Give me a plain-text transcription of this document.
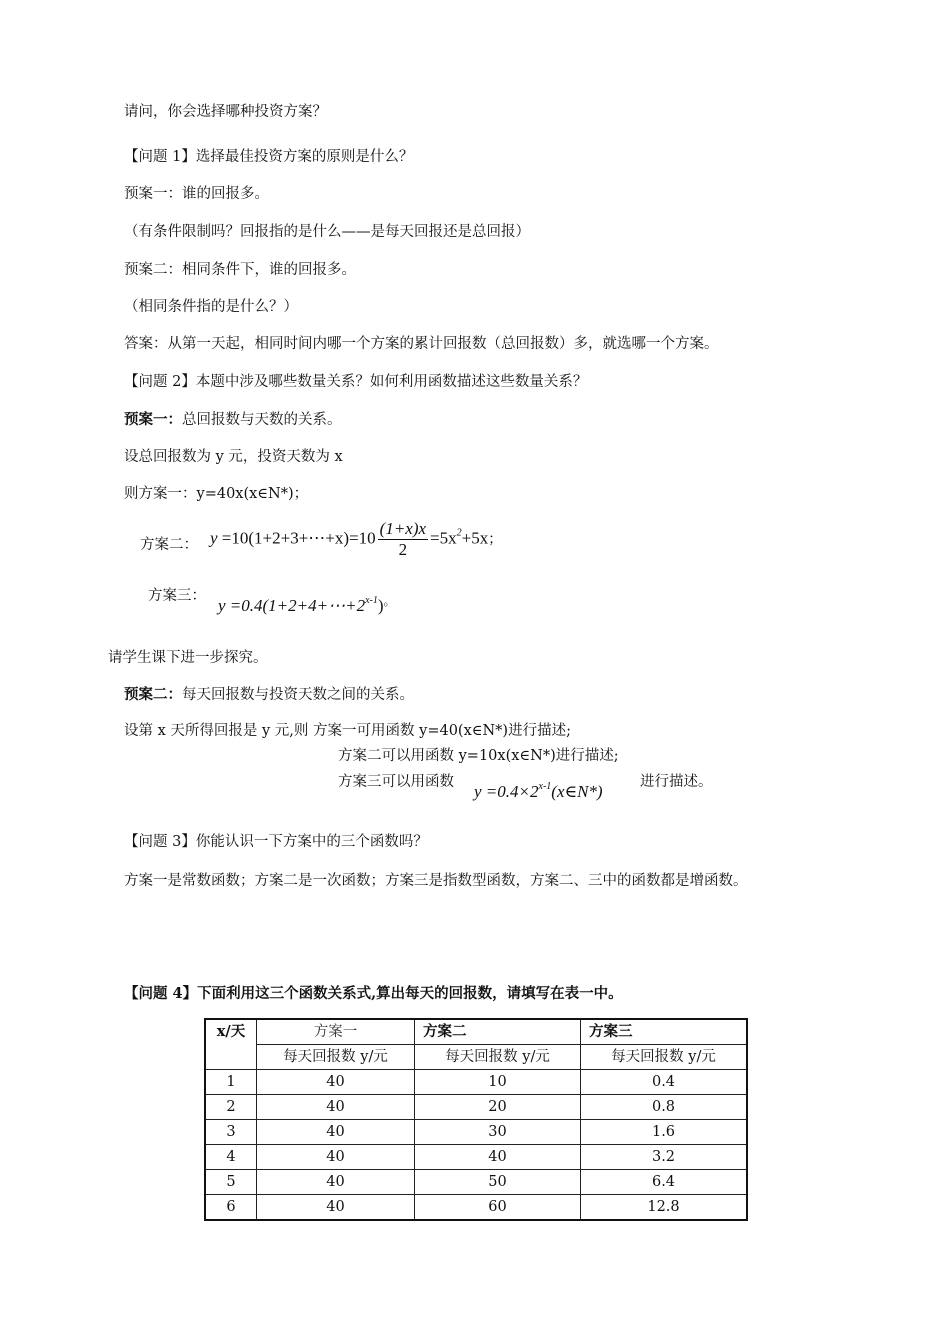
请问，你会选择哪种投资方案？
【问题 1】选择最佳投资方案的原则是什么？
预案一：谁的回报多。
（有条件限制吗？回报指的是什么——是每天回报还是总回报）
预案二：相同条件下，谁的回报多。
（相同条件指的是什么？）
答案：从第一天起，相同时间内哪一个方案的累计回报数（总回报数）多，就选哪一个方案。
【问题 2】本题中涉及哪些数量关系？如何利用函数描述这些数量关系？
预案一：总回报数与天数的关系。
设总回报数为 y 元，投资天数为 x
则方案一：y=40x(x∈N*)；
方案二： y =10(1+2+3+⋯+x)=10 $\frac{(1+x)x}{2} =5x^2+5x$；
方案三： $y =0.4(1+2+4+\cdots+2^{x-1})^。$
请学生课下进一步探究。
预案二：每天回报数与投资天数之间的关系。
设第 x 天所得回报是 y 元,则 方案一可用函数 y=40(x∈N*)进行描述;
方案二可以用函数 y=10x(x∈N*)进行描述;
方案三可以用函数 $y =0.4\times 2^{x-1}(x\in N*)$	进行描述。
【问题 3】你能认识一下方案中的三个函数吗？
方案一是常数函数；方案二是一次函数；方案三是指数型函数，方案二、三中的函数都是增函数。
【问题 4】下面利用这三个函数关系式,算出每天的回报数，请填写在表一中。
x/天	方案一	方案二	方案三
	每天回报数 y/元	每天回报数 y/元	每天回报数 y/元
1	40	10	0.4
2	40	20	0.8
3	40	30	1.6
4	40	40	3.2
5	40	50	6.4
6	40	60	12.8
